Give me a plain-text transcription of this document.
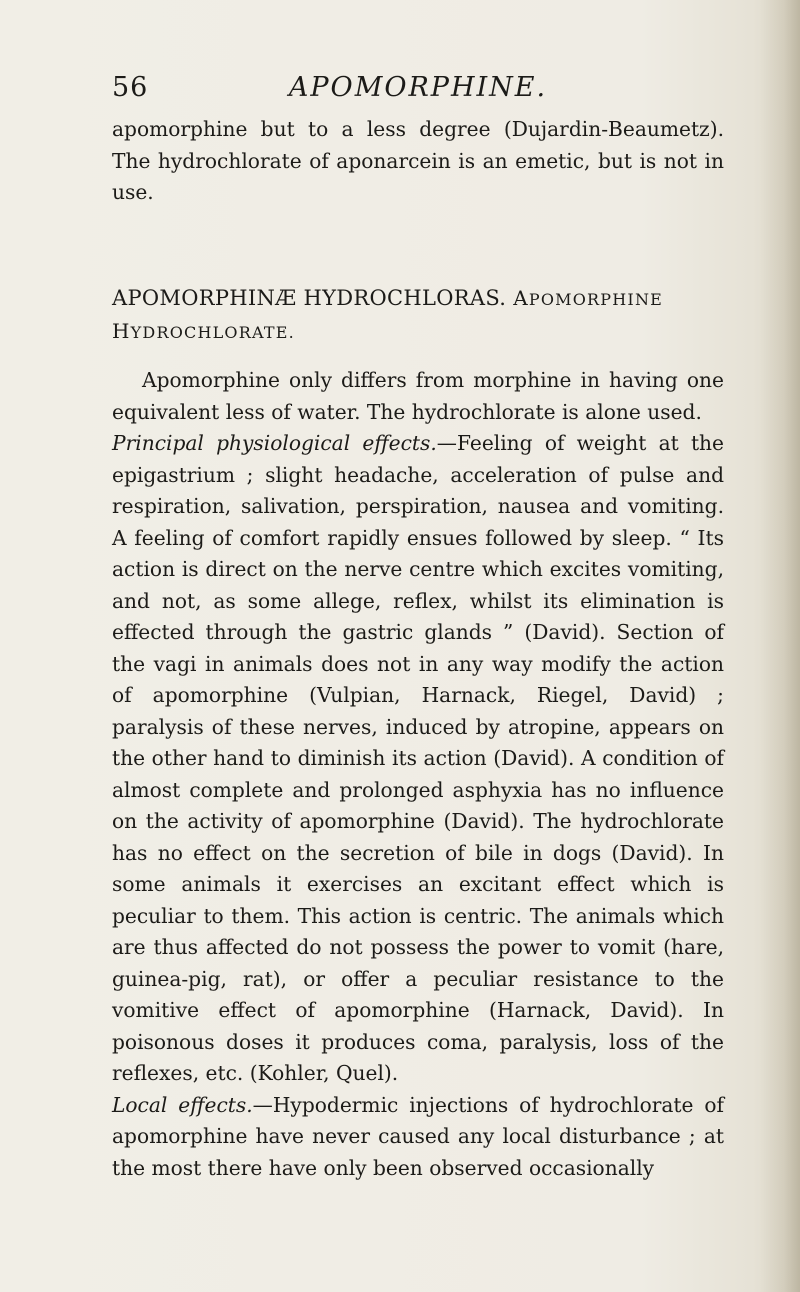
56	APOMORPHINE.

apomorphine but to a less degree (Dujardin-Beaumetz). The hydrochlorate of aponarcein is an emetic, but is not in use.

APOMORPHINÆ HYDROCHLORAS. APOMORPHINE
HYDROCHLORATE.

Apomorphine only differs from morphine in having one equivalent less of water. The hydrochlorate is alone used.
Principal physiological effects.—Feeling of weight at the epigastrium ; slight headache, acceleration of pulse and respiration, salivation, perspiration, nausea and vomiting. A feeling of comfort rapidly ensues followed by sleep. “ Its action is direct on the nerve centre which excites vomiting, and not, as some allege, reflex, whilst its elimination is effected through the gastric glands ” (David). Section of the vagi in animals does not in any way modify the action of apomorphine (Vulpian, Harnack, Riegel, David) ; paralysis of these nerves, induced by atropine, appears on the other hand to diminish its action (David). A condition of almost complete and prolonged asphyxia has no influence on the activity of apomorphine (David). The hydrochlorate has no effect on the secretion of bile in dogs (David). In some animals it exercises an excitant effect which is peculiar to them. This action is centric. The animals which are thus affected do not possess the power to vomit (hare, guinea-pig, rat), or offer a peculiar resistance to the vomitive effect of apomorphine (Harnack, David). In poisonous doses it produces coma, paralysis, loss of the reflexes, etc. (Kohler, Quel).
Local effects.—Hypodermic injections of hydrochlorate of apomorphine have never caused any local disturbance ; at the most there have only been observed occasionally
